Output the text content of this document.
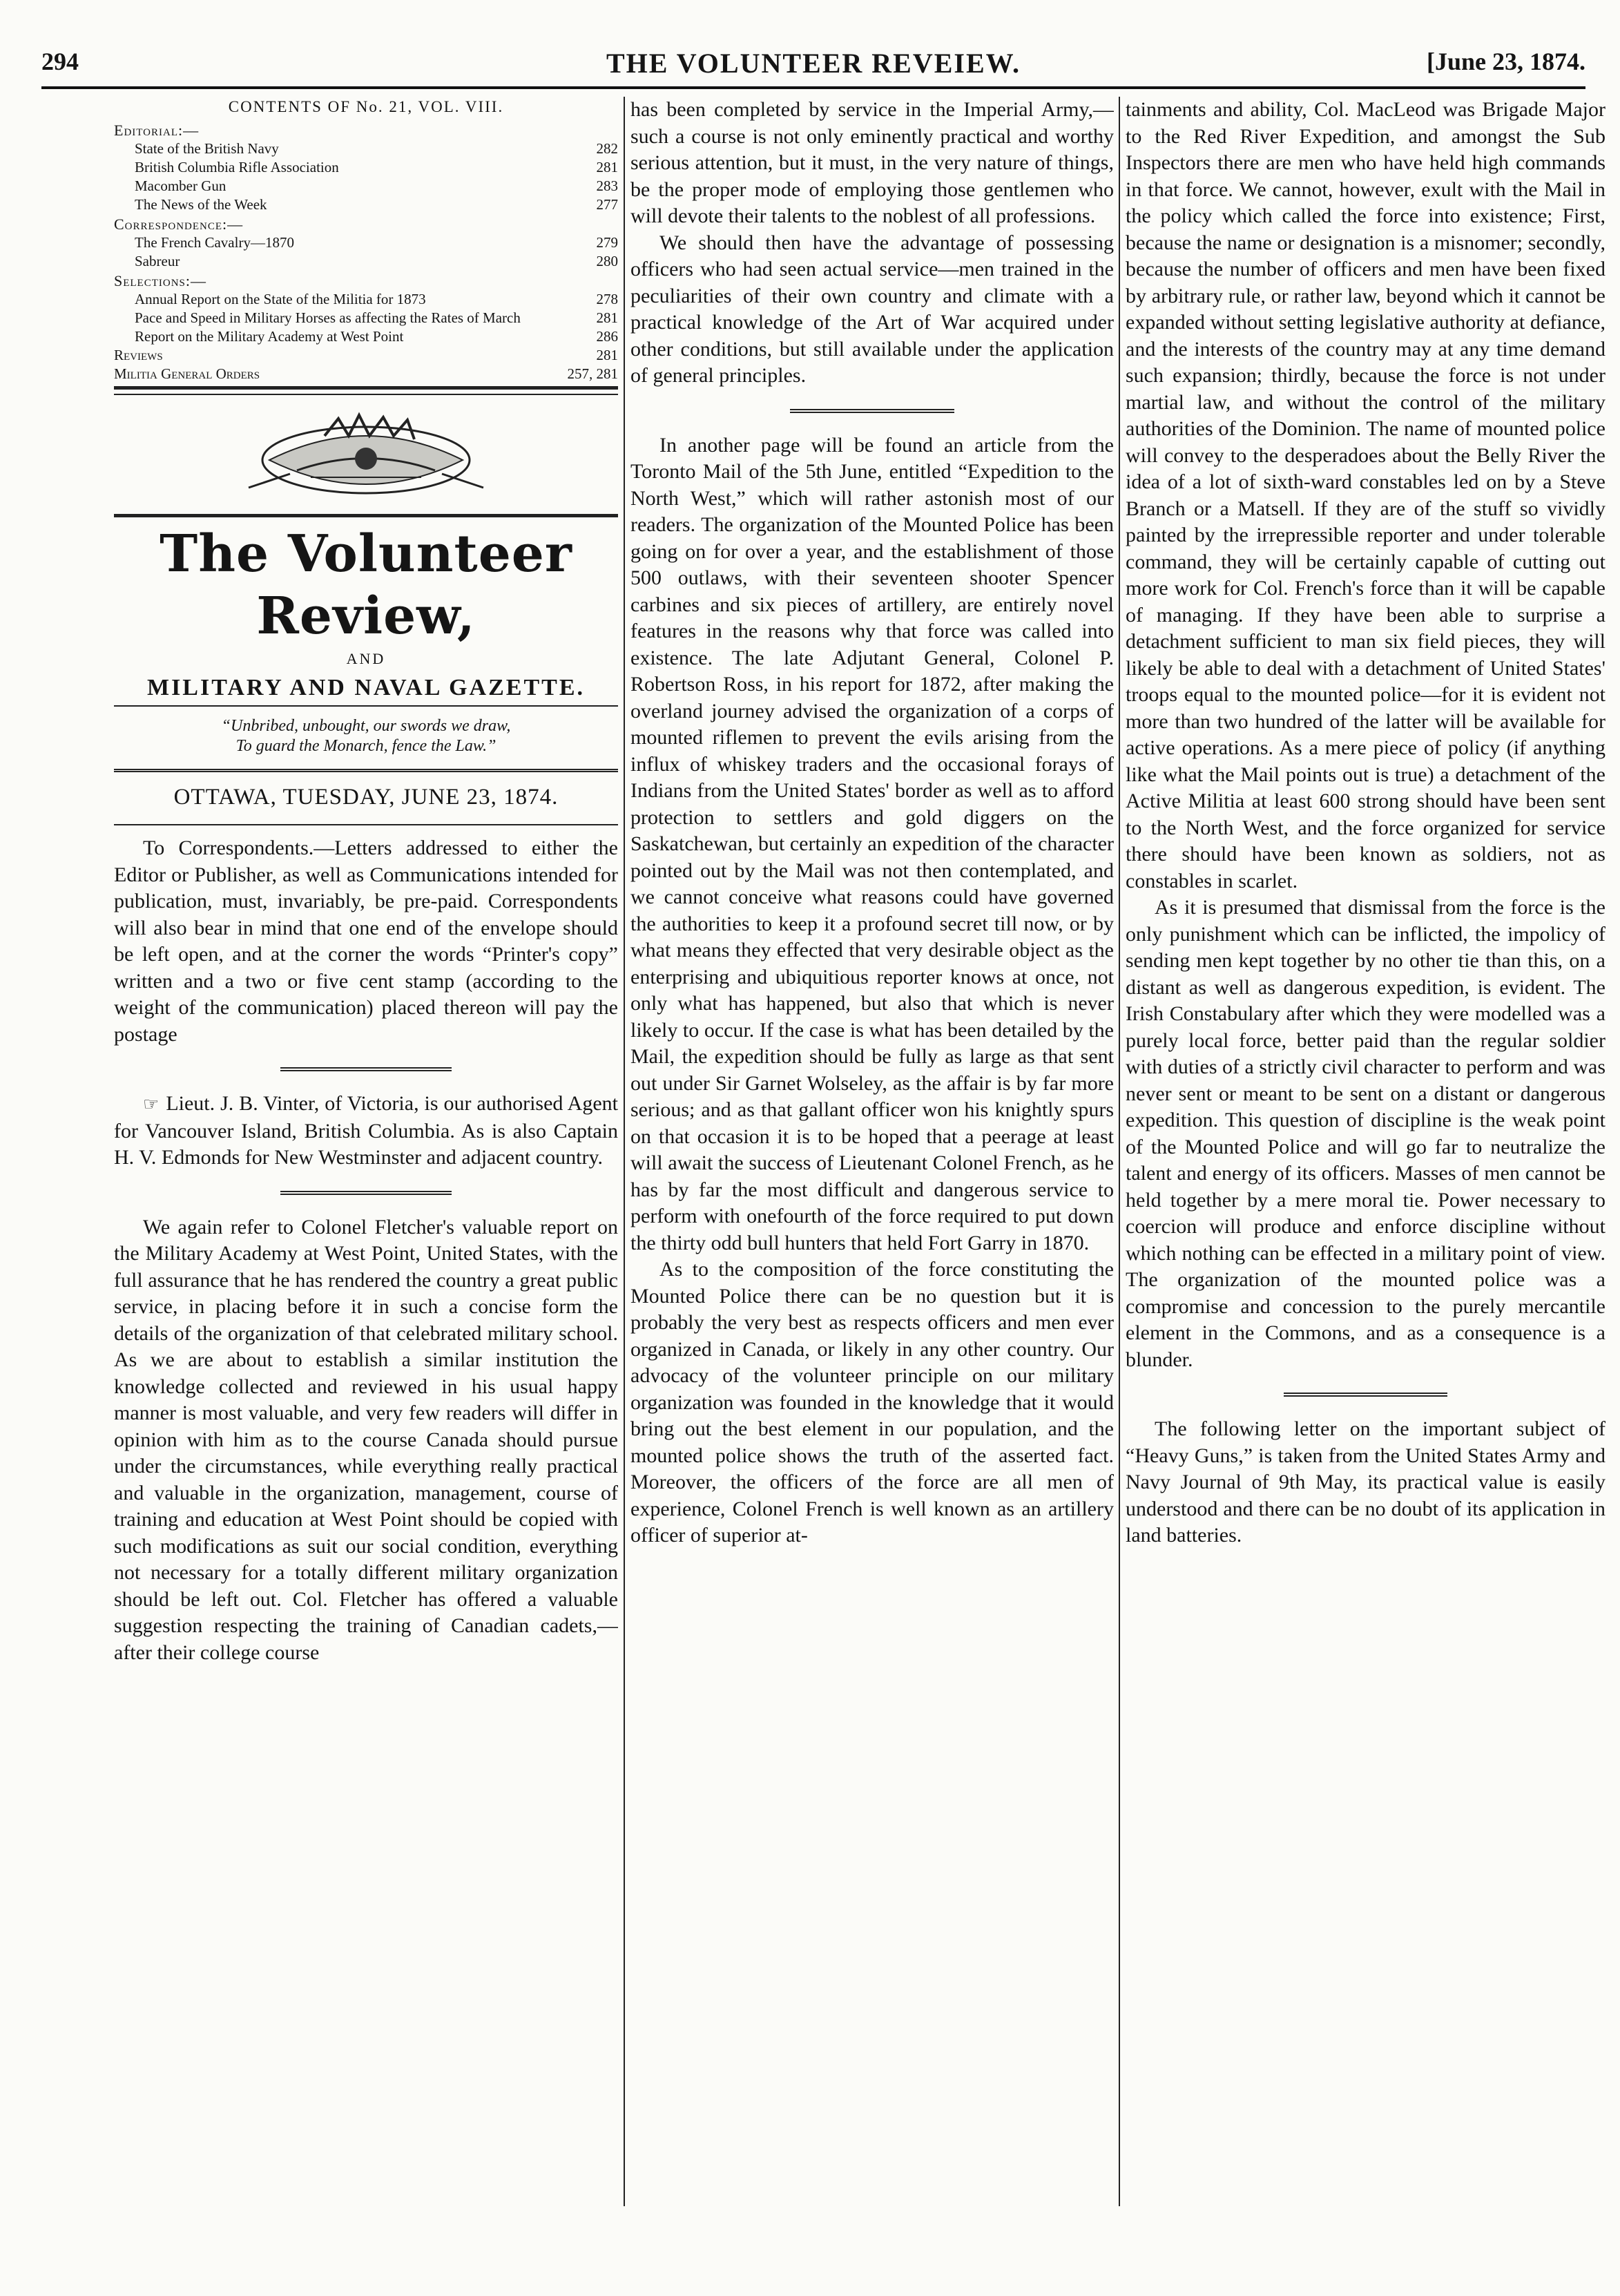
294	THE VOLUNTEER REVEIEW.	[June 23, 1874.
CONTENTS OF No. 21, VOL. VIII.
Editorial:—
State of the British Navy	282
British Columbia Rifle Association	281
Macomber Gun	283
The News of the Week	277
Correspondence:—
The French Cavalry—1870	279
Sabreur	280
Selections:—
Annual Report on the State of the Militia for 1873	278
Pace and Speed in Military Horses as affecting the Rates of March	281
Report on the Military Academy at West Point	286
Reviews	281
Militia General Orders	257, 281
The Volunteer Review,
AND
MILITARY AND NAVAL GAZETTE.
“Unbribed, unbought, our swords we draw,
To guard the Monarch, fence the Law.”
OTTAWA, TUESDAY, JUNE 23, 1874.

To Correspondents.—Letters addressed to either the Editor or Publisher, as well as Communications intended for publication, must, invariably, be pre-paid. Correspondents will also bear in mind that one end of the envelope should be left open, and at the corner the words “Printer's copy” written and a two or five cent stamp (according to the weight of the communication) placed thereon will pay the postage

☞ Lieut. J. B. Vinter, of Victoria, is our authorised Agent for Vancouver Island, British Columbia. As is also Captain H. V. Edmonds for New Westminster and adjacent country.

We again refer to Colonel Fletcher's valuable report on the Military Academy at West Point, United States, with the full assurance that he has rendered the country a great public service, in placing before it in such a concise form the details of the organization of that celebrated military school. As we are about to establish a similar institution the knowledge collected and reviewed in his usual happy manner is most valuable, and very few readers will differ in opinion with him as to the course Canada should pursue under the circumstances, while everything really practical and valuable in the organization, management, course of training and education at West Point should be copied with such modifications as suit our social condition, everything not necessary for a totally different military organization should be left out. Col. Fletcher has offered a valuable suggestion respecting the training of Canadian cadets,—after their college course

has been completed by service in the Imperial Army,—such a course is not only eminently practical and worthy serious attention, but it must, in the very nature of things, be the proper mode of employing those gentlemen who will devote their talents to the noblest of all professions.

We should then have the advantage of possessing officers who had seen actual service—men trained in the peculiarities of their own country and climate with a practical knowledge of the Art of War acquired under other conditions, but still available under the application of general principles.

In another page will be found an article from the Toronto Mail of the 5th June, entitled “Expedition to the North West,” which will rather astonish most of our readers. The organization of the Mounted Police has been going on for over a year, and the establishment of those 500 outlaws, with their seventeen shooter Spencer carbines and six pieces of artillery, are entirely novel features in the reasons why that force was called into existence. The late Adjutant General, Colonel P. Robertson Ross, in his report for 1872, after making the overland journey advised the organization of a corps of mounted riflemen to prevent the evils arising from the influx of whiskey traders and the occasional forays of Indians from the United States' border as well as to afford protection to settlers and gold diggers on the Saskatchewan, but certainly an expedition of the character pointed out by the Mail was not then contemplated, and we cannot conceive what reasons could have governed the authorities to keep it a profound secret till now, or by what means they effected that very desirable object as the enterprising and ubiquitious reporter knows at once, not only what has happened, but also that which is never likely to occur. If the case is what has been detailed by the Mail, the expedition should be fully as large as that sent out under Sir Garnet Wolseley, as the affair is by far more serious; and as that gallant officer won his knightly spurs on that occasion it is to be hoped that a peerage at least will await the success of Lieutenant Colonel French, as he has by far the most difficult and dangerous service to perform with onefourth of the force required to put down the thirty odd bull hunters that held Fort Garry in 1870.

As to the composition of the force constituting the Mounted Police there can be no question but it is probably the very best as respects officers and men ever organized in Canada, or likely in any other country. Our advocacy of the volunteer principle on our military organization was founded in the knowledge that it would bring out the best element in our population, and the mounted police shows the truth of the asserted fact. Moreover, the officers of the force are all men of experience, Colonel French is well known as an artillery officer of superior at-

tainments and ability, Col. MacLeod was Brigade Major to the Red River Expedition, and amongst the Sub Inspectors there are men who have held high commands in that force. We cannot, however, exult with the Mail in the policy which called the force into existence; First, because the name or designation is a misnomer; secondly, because the number of officers and men have been fixed by arbitrary rule, or rather law, beyond which it cannot be expanded without setting legislative authority at defiance, and the interests of the country may at any time demand such expansion; thirdly, because the force is not under martial law, and without the control of the military authorities of the Dominion. The name of mounted police will convey to the desperadoes about the Belly River the idea of a lot of sixth-ward constables led on by a Steve Branch or a Matsell. If they are of the stuff so vividly painted by the irrepressible reporter and under tolerable command, they will be certainly capable of cutting out more work for Col. French's force than it will be capable of managing. If they have been able to surprise a detachment sufficient to man six field pieces, they will likely be able to deal with a detachment of United States' troops equal to the mounted police—for it is evident not more than two hundred of the latter will be available for active operations. As a mere piece of policy (if anything like what the Mail points out is true) a detachment of the Active Militia at least 600 strong should have been sent to the North West, and the force organized for service there should have been known as soldiers, not as constables in scarlet.

As it is presumed that dismissal from the force is the only punishment which can be inflicted, the impolicy of sending men kept together by no other tie than this, on a distant as well as dangerous expedition, is evident. The Irish Constabulary after which they were modelled was a purely local force, better paid than the regular soldier with duties of a strictly civil character to perform and was never sent or meant to be sent on a distant or dangerous expedition. This question of discipline is the weak point of the Mounted Police and will go far to neutralize the talent and energy of its officers. Masses of men cannot be held together by a mere moral tie. Power necessary to coercion will produce and enforce discipline without which nothing can be effected in a military point of view. The organization of the mounted police was a compromise and concession to the purely mercantile element in the Commons, and as a consequence is a blunder.

The following letter on the important subject of “Heavy Guns,” is taken from the United States Army and Navy Journal of 9th May, its practical value is easily understood and there can be no doubt of its application in land batteries.
